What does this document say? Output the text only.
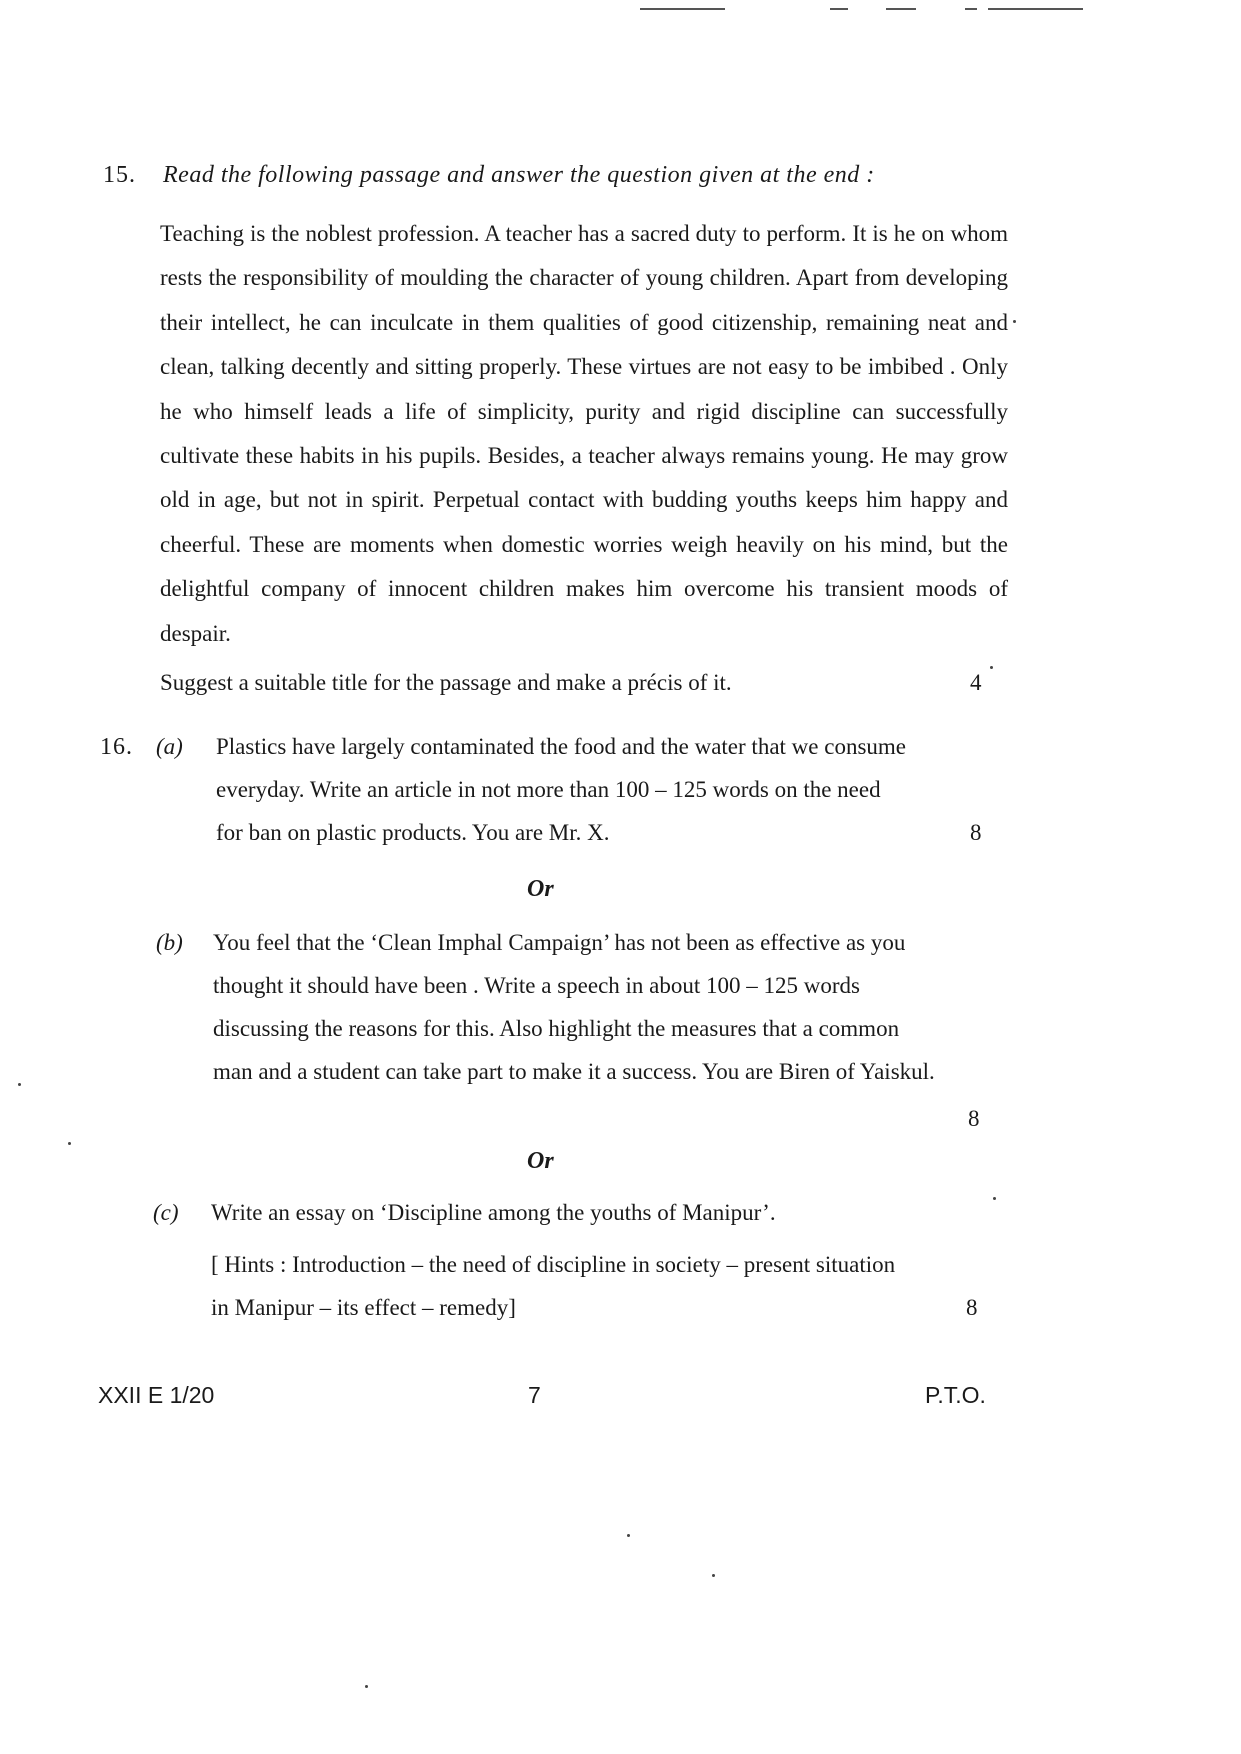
15. Read the following passage and answer the question given at the end :

Teaching is the noblest profession. A teacher has a sacred duty to perform. It is he on whom rests the responsibility of moulding the character of young children. Apart from developing their intellect, he can inculcate in them qualities of good citizenship, remaining neat and clean, talking decently and sitting properly. These virtues are not easy to be imbibed . Only he who himself leads a life of simplicity, purity and rigid discipline can successfully cultivate these habits in his pupils. Besides, a teacher always remains young. He may grow old in age, but not in spirit. Perpetual contact with budding youths keeps him happy and cheerful. These are moments when domestic worries weigh heavily on his mind, but the delightful company of innocent children makes him overcome his transient moods of despair.

Suggest a suitable title for the passage and make a précis of it.	4
16. (a) Plastics have largely contaminated the food and the water that we consume
everyday. Write an article in not more than 100 – 125 words on the need
for ban on plastic products. You are Mr. X.	8
Or
(b) You feel that the ‘Clean Imphal Campaign’ has not been as effective as you
thought it should have been . Write a speech in about 100 – 125 words
discussing the reasons for this. Also highlight the measures that a common
man and a student can take part to make it a success. You are Biren of Yaiskul.
8
Or
(c) Write an essay on ‘Discipline among the youths of Manipur’.
[ Hints : Introduction – the need of discipline in society – present situation
in Manipur – its effect – remedy]	8
XXII E 1/20	7	P.T.O.
